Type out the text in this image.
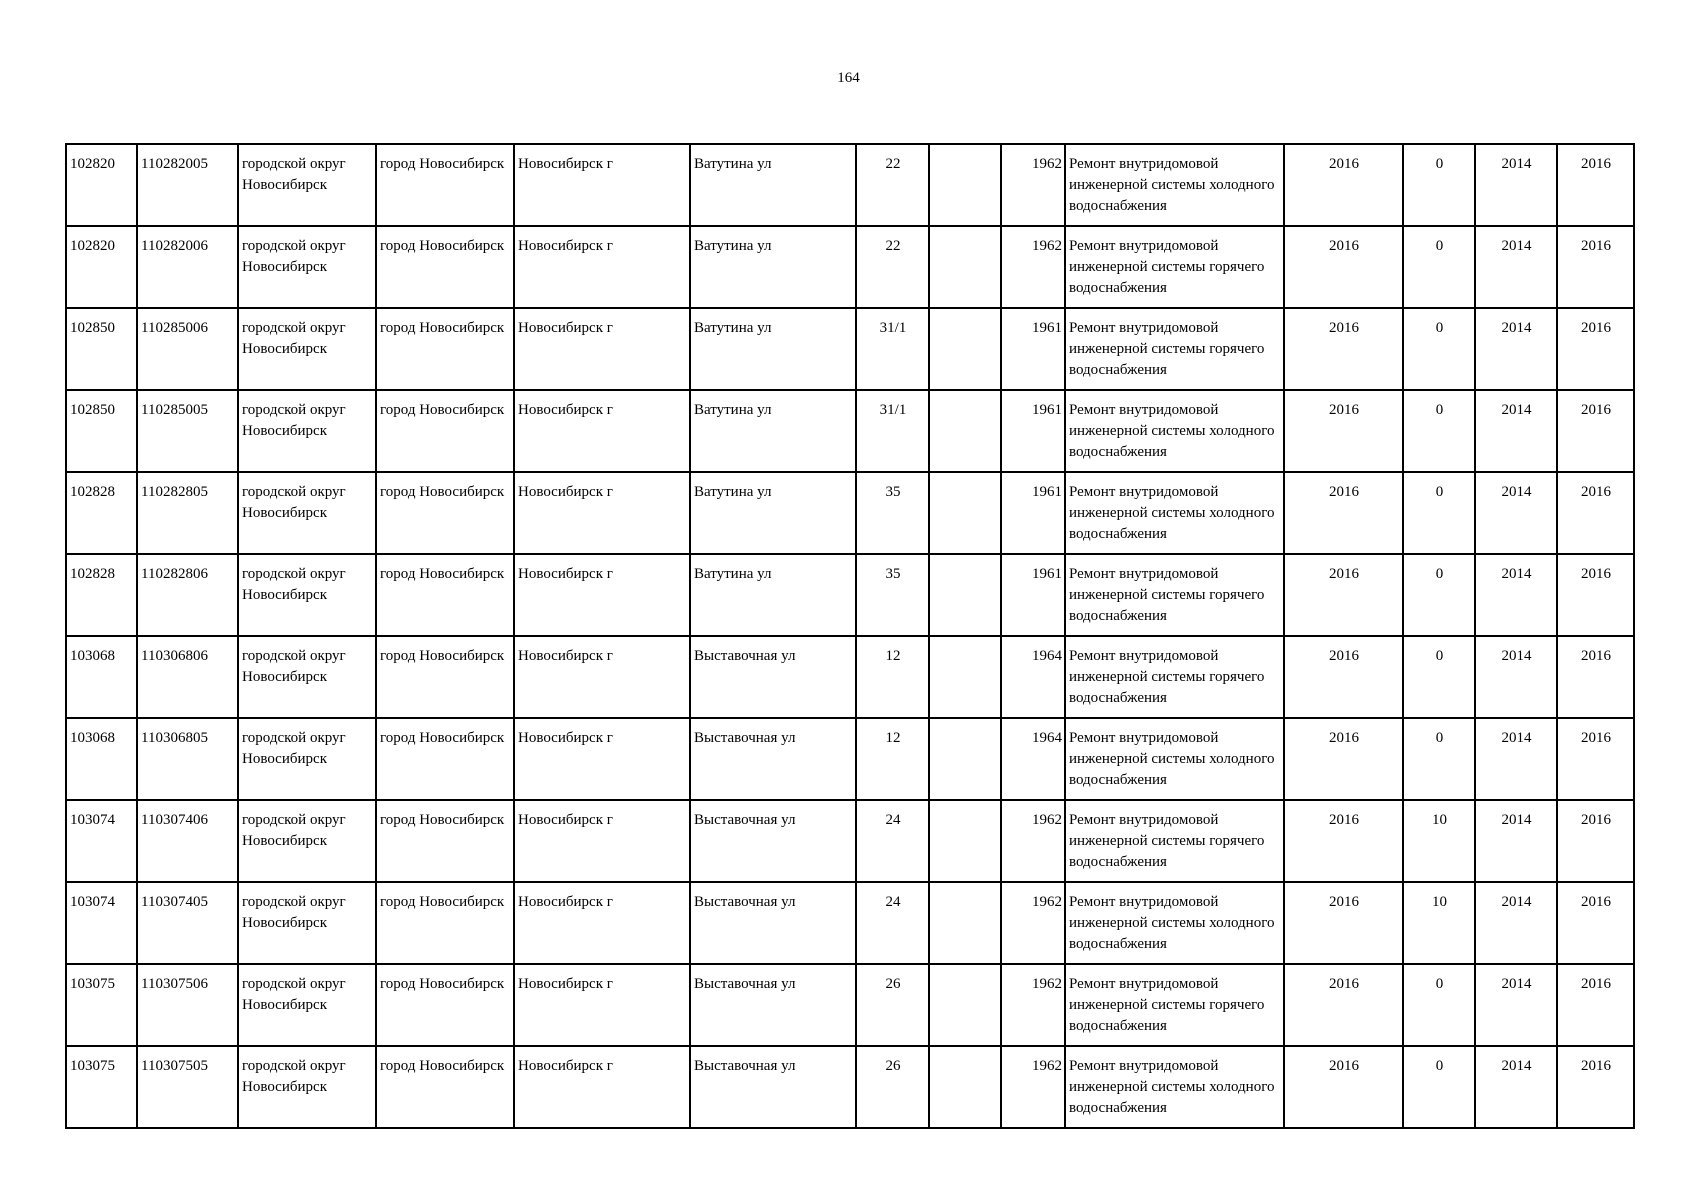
164
102820	110282005	городской округ Новосибирск	город Новосибирск	Новосибирск г	Ватутина ул	22		1962	Ремонт внутридомовой инженерной системы холодного водоснабжения	2016	0	2014	2016
102820	110282006	городской округ Новосибирск	город Новосибирск	Новосибирск г	Ватутина ул	22		1962	Ремонт внутридомовой инженерной системы горячего водоснабжения	2016	0	2014	2016
102850	110285006	городской округ Новосибирск	город Новосибирск	Новосибирск г	Ватутина ул	31/1		1961	Ремонт внутридомовой инженерной системы горячего водоснабжения	2016	0	2014	2016
102850	110285005	городской округ Новосибирск	город Новосибирск	Новосибирск г	Ватутина ул	31/1		1961	Ремонт внутридомовой инженерной системы холодного водоснабжения	2016	0	2014	2016
102828	110282805	городской округ Новосибирск	город Новосибирск	Новосибирск г	Ватутина ул	35		1961	Ремонт внутридомовой инженерной системы холодного водоснабжения	2016	0	2014	2016
102828	110282806	городской округ Новосибирск	город Новосибирск	Новосибирск г	Ватутина ул	35		1961	Ремонт внутридомовой инженерной системы горячего водоснабжения	2016	0	2014	2016
103068	110306806	городской округ Новосибирск	город Новосибирск	Новосибирск г	Выставочная ул	12		1964	Ремонт внутридомовой инженерной системы горячего водоснабжения	2016	0	2014	2016
103068	110306805	городской округ Новосибирск	город Новосибирск	Новосибирск г	Выставочная ул	12		1964	Ремонт внутридомовой инженерной системы холодного водоснабжения	2016	0	2014	2016
103074	110307406	городской округ Новосибирск	город Новосибирск	Новосибирск г	Выставочная ул	24		1962	Ремонт внутридомовой инженерной системы горячего водоснабжения	2016	10	2014	2016
103074	110307405	городской округ Новосибирск	город Новосибирск	Новосибирск г	Выставочная ул	24		1962	Ремонт внутридомовой инженерной системы холодного водоснабжения	2016	10	2014	2016
103075	110307506	городской округ Новосибирск	город Новосибирск	Новосибирск г	Выставочная ул	26		1962	Ремонт внутридомовой инженерной системы горячего водоснабжения	2016	0	2014	2016
103075	110307505	городской округ Новосибирск	город Новосибирск	Новосибирск г	Выставочная ул	26		1962	Ремонт внутридомовой инженерной системы холодного водоснабжения	2016	0	2014	2016
